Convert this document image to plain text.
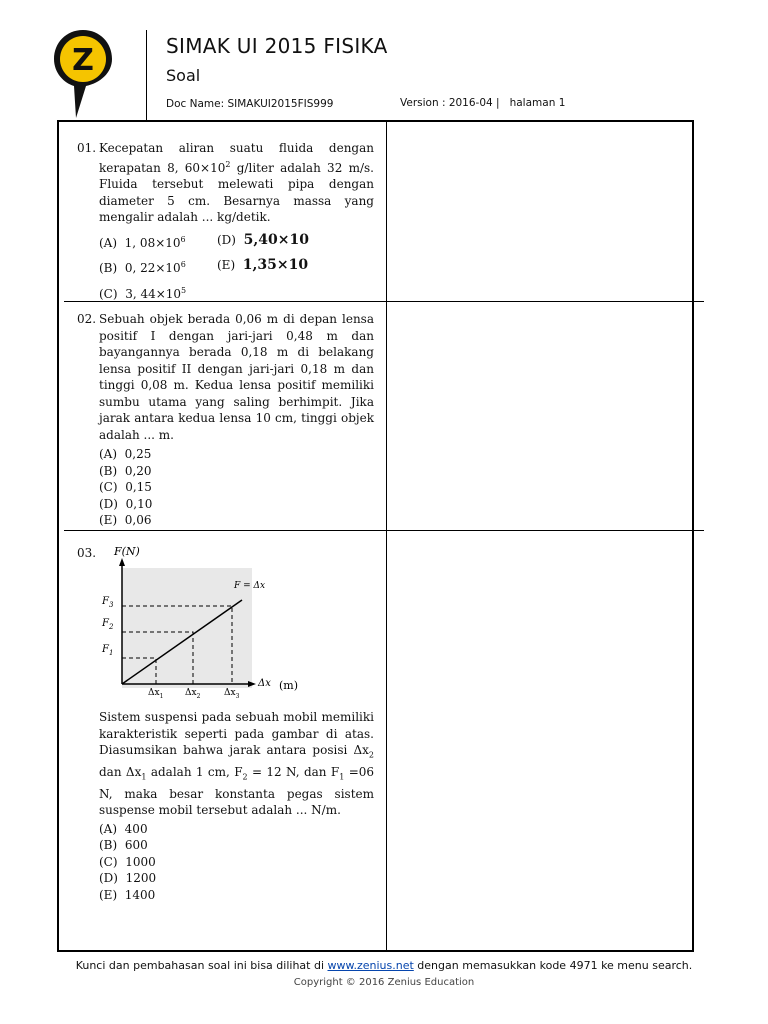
Z	SIMAK UI 2015 FISIKA
Soal
Doc Name: SIMAKUI2015FIS999	Version : 2016-04 | halaman 1
01. Kecepatan aliran suatu fluida dengan kerapatan 8, $60\times 10^2$ g/liter adalah 32 m/s. Fluida tersebut melewati pipa dengan diameter 5 cm. Besarnya massa yang mengalir adalah ... kg/detik.
(A) 1, $08\times 10^6$	(D) 5,40×10
(B) 0, $22\times 10^6$	(E) 1,35×10
(C) 3, $44\times 10^5$
02. Sebuah objek berada 0,06 m di depan lensa positif I dengan jari-jari 0,48 m dan bayangannya berada 0,18 m di belakang lensa positif II dengan jari-jari 0,18 m dan tinggi 0,08 m. Kedua lensa positif memiliki sumbu utama yang saling berhimpit. Jika jarak antara kedua lensa 10 cm, tinggi objek adalah ... m.
(A) 0,25
(B) 0,20
(C) 0,15
(D) 0,10
(E) 0,06
03. F(N)
F = Δx
$F_3$
$F_2$
$F_1$
$\Delta x_1$ $\Delta x_2$	$\Delta x_3$
Δx (m)
Sistem suspensi pada sebuah mobil memiliki karakteristik seperti pada gambar di atas. Diasumsikan bahwa jarak antara posisi $\Delta x_2$ dan $\Delta x_1$ adalah 1 cm, $F_2 = 12$ N, dan $F_1 =06$ N, maka besar konstanta pegas sistem suspense mobil tersebut adalah ... N/m.
(A) 400
(B) 600
(C) 1000
(D) 1200
(E) 1400
Kunci dan pembahasan soal ini bisa dilihat di www.zenius.net dengan memasukkan kode 4971 ke menu search.
Copyright © 2016 Zenius Education
